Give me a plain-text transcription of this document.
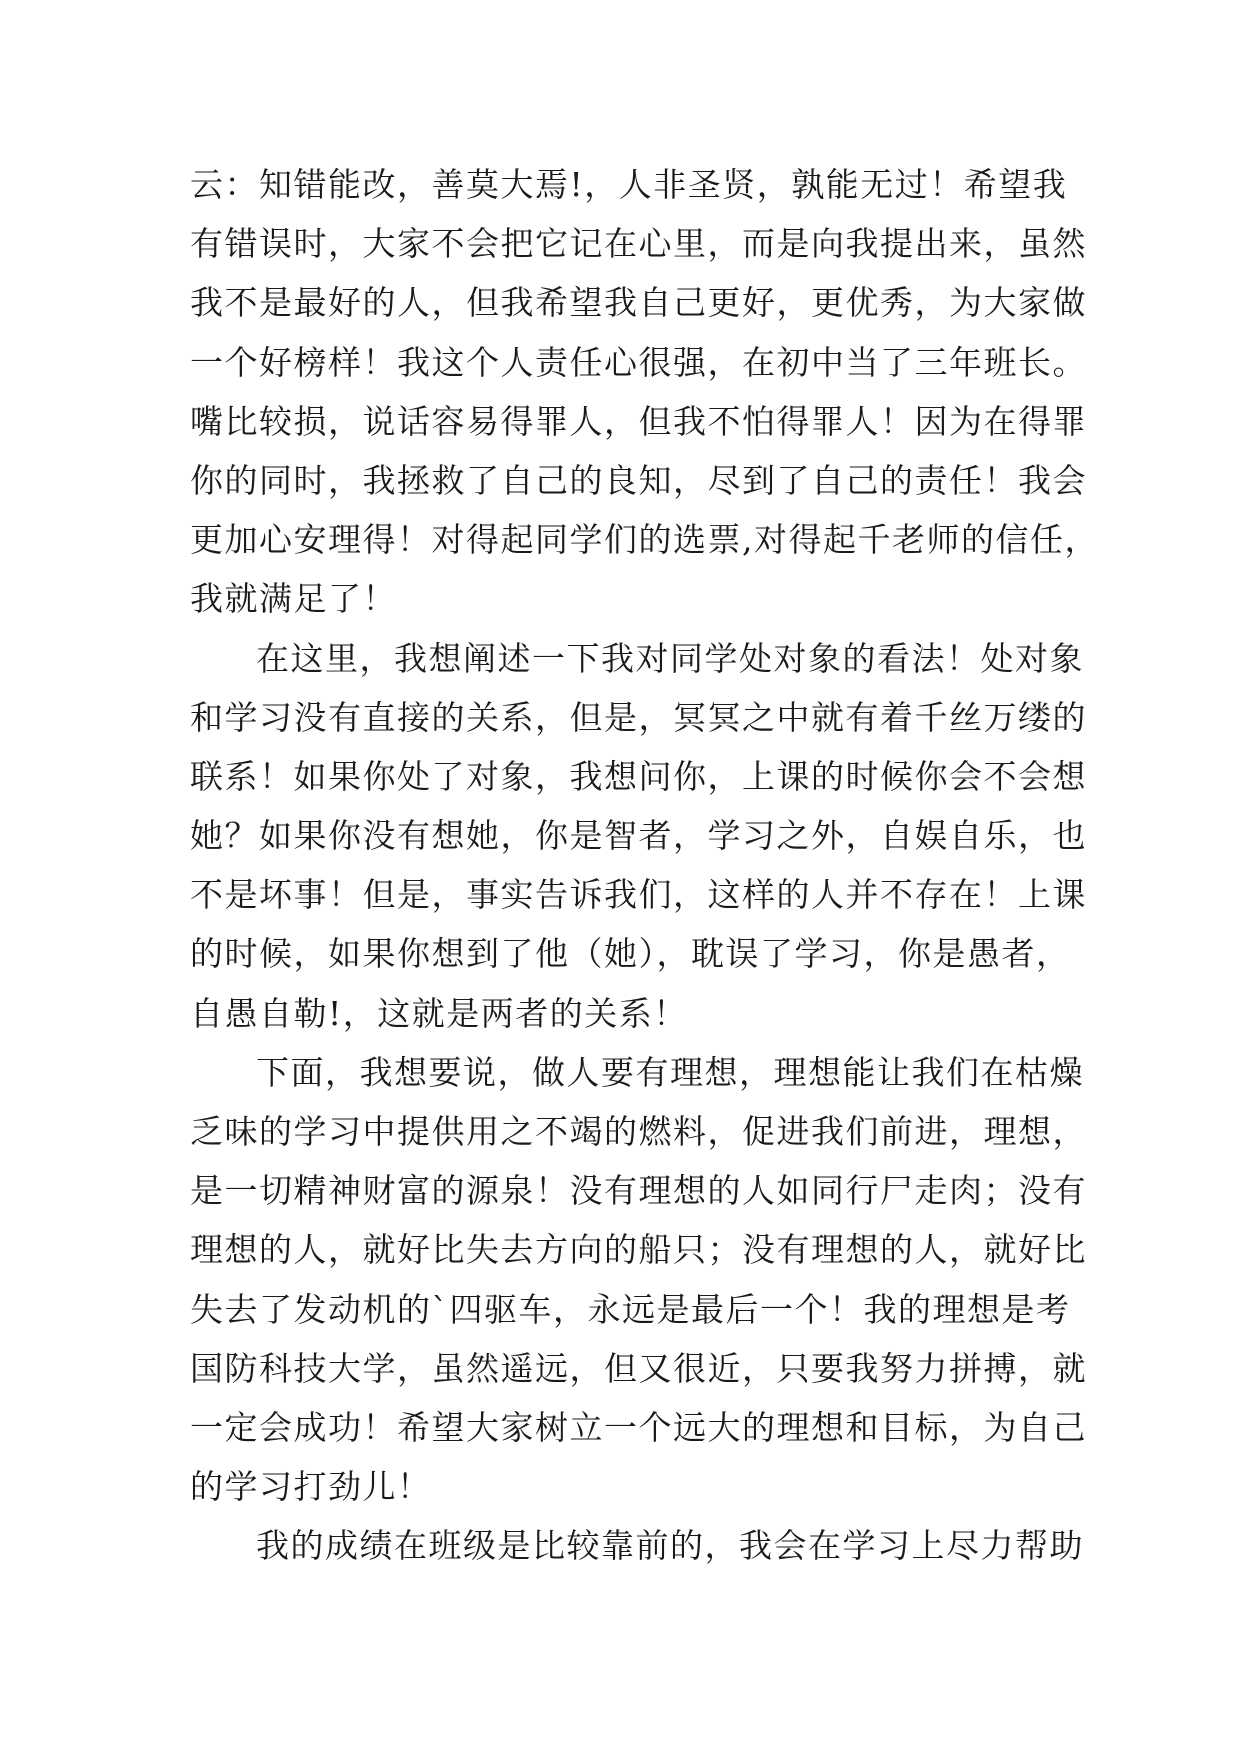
云：知错能改，善莫大焉!，人非圣贤，孰能无过！希望我
有错误时，大家不会把它记在心里，而是向我提出来，虽然
我不是最好的人，但我希望我自己更好，更优秀，为大家做
一个好榜样！我这个人责任心很强，在初中当了三年班长。
嘴比较损，说话容易得罪人，但我不怕得罪人！因为在得罪
你的同时，我拯救了自己的良知，尽到了自己的责任！我会
更加心安理得！对得起同学们的选票,对得起千老师的信任，
我就满足了！
在这里，我想阐述一下我对同学处对象的看法！处对象
和学习没有直接的关系，但是，冥冥之中就有着千丝万缕的
联系！如果你处了对象，我想问你，上课的时候你会不会想
她？如果你没有想她，你是智者，学习之外，自娱自乐，也
不是坏事！但是，事实告诉我们，这样的人并不存在！上课
的时候，如果你想到了他（她），耽误了学习，你是愚者，
自愚自勒!，这就是两者的关系！
下面，我想要说，做人要有理想，理想能让我们在枯燥
乏味的学习中提供用之不竭的燃料，促进我们前进，理想，
是一切精神财富的源泉！没有理想的人如同行尸走肉；没有
理想的人，就好比失去方向的船只；没有理想的人，就好比
失去了发动机的`四驱车，永远是最后一个！我的理想是考
国防科技大学，虽然遥远，但又很近，只要我努力拼搏，就
一定会成功！希望大家树立一个远大的理想和目标，为自己
的学习打劲儿！
我的成绩在班级是比较靠前的，我会在学习上尽力帮助
